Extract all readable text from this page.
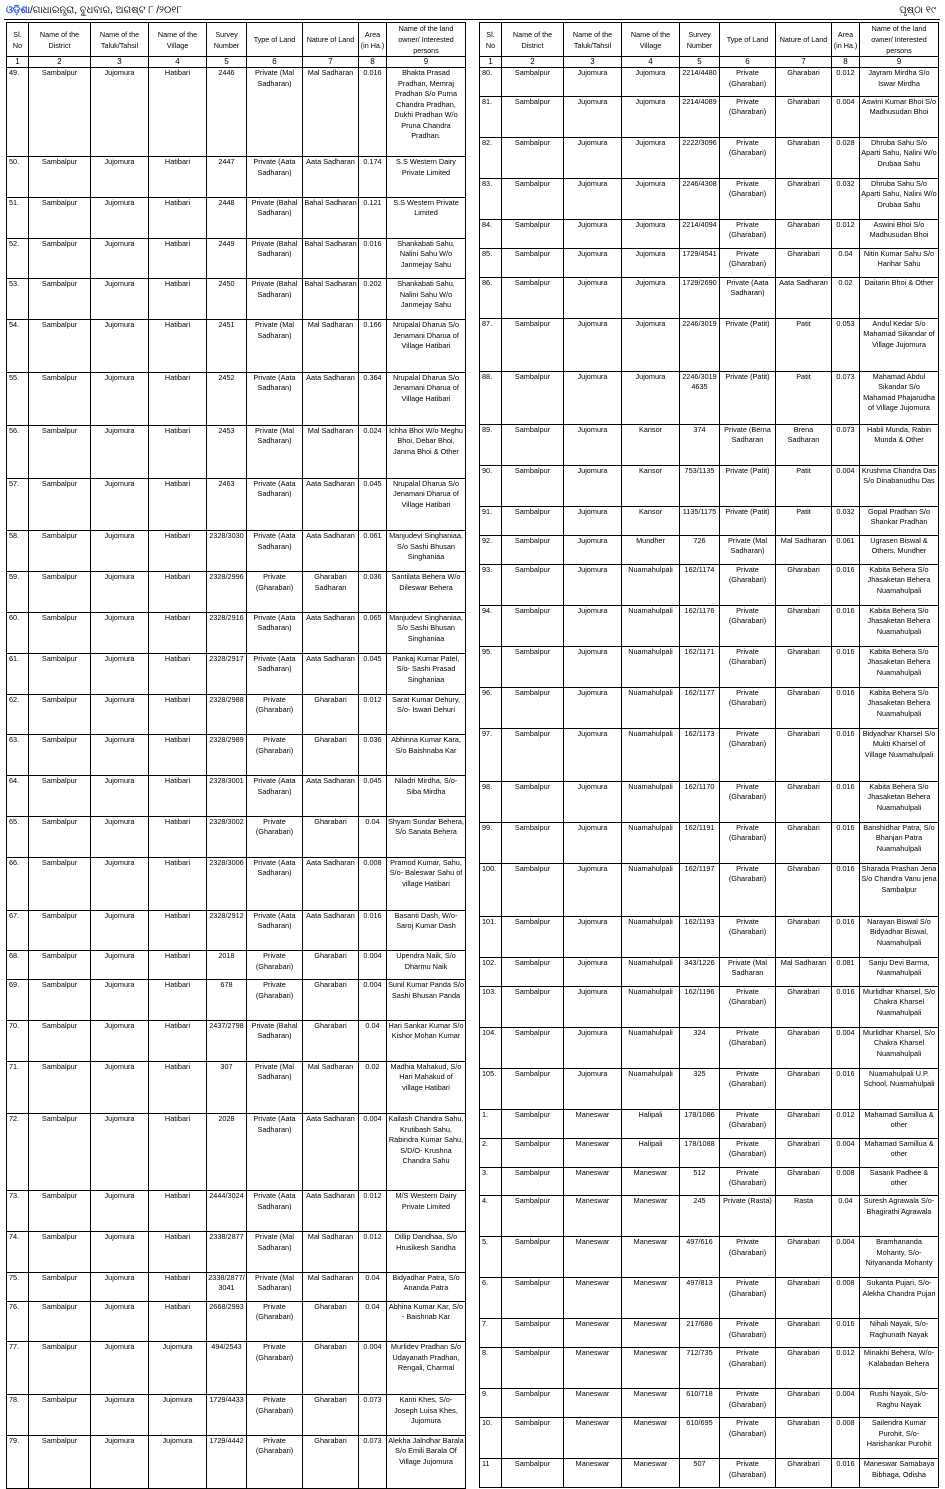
ଓଡ଼ିଶା/ଗାଧାରନ୍ତ୍ରା, ବୁଧବାର, ଅଗଷ୍ଟ ୮ /୨୦୧୮	ପୃଷ୍ଠା ୧୯
Sl. No	Name of the District	Name of the Taluk/Tahsil	Name of the Village	Survey Number	Type of Land	Nature of Land	Area (in Ha.)	Name of the land owner/ Interested persons
1	2	3	4	5	6	7	8	9
49.	Sambalpur	Jujomura	Hatibari	2446	Private (Mal Sadharan)	Mal Sadharan	0.016	Bhakta Prasad Pradhan, Memraj Pradhan S/o Purna Chandra Pradhan, Dukhi Pradhan W/o Pruna Chandra Pradhan.
50.	Sambalpur	Jujomura	Hatibari	2447	Private (Aata Sadharan)	Aata Sadharan	0.174	S.S Western Dairy Private Limited
51.	Sambalpur	Jujomura	Hatibari	2448	Private (Bahal Sadharan)	Bahal Sadharan	0.121	S.S Western Private Limited
52.	Sambalpur	Jujomura	Hatibari	2449	Private (Bahal Sadharan)	Bahal Sadharan	0.016	Shankabati Sahu, Nalini Sahu W/o Janmejay Sahu
53.	Sambalpur	Jujomura	Hatibari	2450	Private (Bahal Sadharan)	Bahal Sadharan	0.202	Shankabati Sahu, Nalini Sahu W/o Janmejay Sahu
54.	Sambalpur	Jujomura	Hatibari	2451	Private (Mal Sadharan)	Mal Sadharan	0.166	Nrupalal Dharua S/o Jenamani Dharua of Village Hatibari
55.	Sambalpur	Jujomura	Hatibari	2452	Private (Aata Sadharan)	Aata Sadharan	0.364	Nrupalal Dharua S/o Jenamani Dharua of Village Hatibari
56.	Sambalpur	Jujomura	Hatibari	2453	Private (Mal Sadharan)	Mal Sadharan	0.024	Ichha Bhoi W/o Meghu Bhoi, Debar Bhoi, Janma Bhoi & Other
57.	Sambalpur	Jujomura	Hatibari	2463	Private (Aata Sadharan)	Aata Sadharan	0.045	Nrupalal Dharua S/o Jenamani Dharua of Village Hatibari
58.	Sambalpur	Jujomura	Hatibari	2328/3030	Private (Aata Sadharan)	Aata Sadharan	0.061	Manjudevi Singhaniaa, S/o Sashi Bhusan Singhaniaa
59.	Sambalpur	Jujomura	Hatibari	2328/2996	Private (Gharabari)	Gharabari Sadharan	0.036	Santilata Behera W/o Dileswar Behera
60.	Sambalpur	Jujomura	Hatibari	2328/2916	Private (Aata Sadharan)	Aata Sadharan	0.065	Manjudevi Singhaniaa, S/o Sashi Bhusan Singhaniaa
61.	Sambalpur	Jujomura	Hatibari	2328/2917	Private (Aata Sadharan)	Aata Sadharan	0.045	Pankaj Kumar Patel, S/o- Sashi Prasad Singhaniaa
62.	Sambalpur	Jujomura	Hatibari	2328/2988	Private (Gharabari)	Gharabari	0.012	Sarat Kumar Dehury, S/o- Iswari Dehuri
63.	Sambalpur	Jujomura	Hatibari	2328/2989	Private (Gharabari)	Gharabari	0.036	Abhinna Kumar Kara, S/o Baishnaba Kar
64.	Sambalpur	Jujomura	Hatibari	2328/3001	Private (Aata Sadharan)	Aata Sadharan	0.045	Niladri Mirdha, S/o- Siba Mirdha
65.	Sambalpur	Jujomura	Hatibari	2328/3002	Private (Gharabari)	Gharabari	0.04	Shyam Sundar Behera, S/o Sanata Behera
66.	Sambalpur	Jujomura	Hatibari	2328/3006	Private (Aata Sadharan)	Aata Sadharan	0.008	Pramod Kumar, Sahu, S/o- Baleswar Sahu of village Hatibari
67.	Sambalpur	Jujomura	Hatibari	2328/2912	Private (Aata Sadharan)	Aata Sadharan	0.016	Basanti Dash, W/o- Saroj Kumar Dash
68.	Sambalpur	Jujomura	Hatibari	2018	Private (Gharabari)	Gharabari	0.004	Upendra Naik, S/o Dharmu Naik
69.	Sambalpur	Jujomura	Hatibari	678	Private (Gharabari)	Gharabari	0.004	Sunil Kumar Panda S/o Sashi Bhusan Panda
70.	Sambalpur	Jujomura	Hatibari	2437/2798	Private (Bahal Sadharan)	Gharabari	0.04	Hari Sankar Kumar S/o Kishor Mohan Kumar
71.	Sambalpur	Jujomura	Hatibari	307	Private (Mal Sadharan)	Mal Sadharan	0.02	Madhia Mahakud, S/o Hari Mahakud of village Hatibari
72.	Sambalpur	Jujomura	Hatibari	2028	Private (Aata Sadharan)	Aata Sadharan	0.004	Kailash Chandra Sahu, Krutibash Sahu, Rabindra Kumar Sahu, S/D/O- Krushna Chandra Sahu
73.	Sambalpur	Jujomura	Hatibari	2444/3024	Private (Aata Sadharan)	Aata Sadharan	0.012	M/S Western Dairy Private Limited
74.	Sambalpur	Jujomura	Hatibari	2338/2877	Private (Mal Sadharan)	Mal Sadharan	0.012	Dillip Dandhaa, S/o Hrusikesh Sandha
75.	Sambalpur	Jujomura	Hatibari	2338/2877/ 3041	Private (Mal Sadharan)	Mal Sadharan	0.04	Bidyadhar Patra, S/o Ananda Patra
76.	Sambalpur	Jujomura	Hatibari	2668/2993	Private (Gharabari)	Gharabari	0.04	Abhina Kumar Kar, S/o - Baishnab Kar
77.	Sambalpur	Jujomura	Jujomura	494/2543	Private (Gharabari)	Gharabari	0.004	Murlidev Pradhan S/o Udayanath Pradhan, Rengali, Charmal
78.	Sambalpur	Jujomura	Jujomura	1729/4433	Private (Gharabari)	Gharabari	0.073	Kanti Khes, S/o- Joseph Luisa Khes, Jujomura
79.	Sambalpur	Jujomura	Jujomura	1729/4442	Private (Gharabari)	Gharabari	0.073	Alekha Jalndhar Barala S/o Emili Barala Of Village Jujomura
Sl. No	Name of the District	Name of the Taluk/Tahsil	Name of the Village	Survey Number	Type of Land	Nature of Land	Area (in Ha.)	Name of the land owner/ Interested persons
1	2	3	4	5	6	7	8	9
80.	Sambalpur	Jujomura	Jujomura	2214/4480	Private (Gharabari)	Gharabari	0.012	Jayram Mirdha S/o Iswar Mirdha
81.	Sambalpur	Jujomura	Jujomura	2214/4089	Private (Gharabari)	Gharabari	0.004	Aswini Kumar Bhoi S/o Madhusudan Bhoi
82.	Sambalpur	Jujomura	Jujomura	2222/3096	Private (Gharabari)	Gharabari	0.028	Dhruba Sahu S/o Aparti Sahu, Nalini W/o Drubaa Sahu
83.	Sambalpur	Jujomura	Jujomura	2246/4308	Private (Gharabari)	Gharabari	0.032	Dhruba Sahu S/o Aparti Sahu, Nalini W/o Drubaa Sahu
84.	Sambalpur	Jujomura	Jujomura	2214/4094	Private (Gharabari)	Gharabari	0.012	Aswini Bhoi S/o Madhusudan Bhoi
85.	Sambalpur	Jujomura	Jujomura	1729/4541	Private (Gharabari)	Gharabari	0.04	Nitin Kumar Sahu S/o Harihar Sahu
86.	Sambalpur	Jujomura	Jujomura	1729/2690	Private (Aata Sadharan)	Aata Sadharan	0.02	Daitarin Bhoi & Other
87.	Sambalpur	Jujomura	Jujomura	2246/3019	Private (Patit)	Patit	0.053	Andul Kedar S/o Mahamad Sikandar of Village Jujomura
88.	Sambalpur	Jujomura	Jujomura	2246/3019 4635	Private (Patit)	Patit	0.073	Mahamad Abdul Sikandar S/o Mahamad Phajarudha of Village Jujomura
89.	Sambalpur	Jujomura	Kansor	374	Private (Berna Sadharan	Brena Sadharan	0.073	Habil Munda, Rabin Munda & Other
90.	Sambalpur	Jujomura	Kansor	753/1135	Private (Patit)	Patit	0.004	Krushma Chandra Das S/o Dinabanudhu Das
91.	Sambalpur	Jujomura	Kansor	1135/1175	Private (Patit)	Patit	0.032	Gopal Pradhan S/o Shankar Pradhan
92.	Sambalpur	Jujomura	Mundher	726	Private (Mal Sadharan)	Mal Sadharan	0.061	Ugrasen Biswal & Others, Mundher
93.	Sambalpur	Jujomura	Nuamahulpali	162/1174	Private (Gharabari)	Gharabari	0.016	Kabita Behera S/o Jhasaketan Behera Nuamahulpali
94.	Sambalpur	Jujomura	Nuamahulpali	162/1176	Private (Gharabari)	Gharabari	0.016	Kabita Behera S/o Jhasaketan Behera Nuamahulpali
95.	Sambalpur	Jujomura	Nuamahulpali	162/1171	Private (Gharabari)	Gharabari	0.016	Kabita Behera S/o Jhasaketan Behera Nuamahulpali
96.	Sambalpur	Jujomura	Nuamahulpali	162/1177	Private (Gharabari)	Gharabari	0.016	Kabita Behera S/o Jhasaketan Behera Nuamahulpali
97.	Sambalpur	Jujomura	Nuamahulpali	162/1173	Private (Gharabari)	Gharabari	0.016	Bidyadhar Kharsel S/o Mukti Kharsel of Village Nuamahulpali
98.	Sambalpur	Jujomura	Nuamahulpali	162/1170	Private (Gharabari)	Gharabari	0.016	Kabita Behera S/o Jhasaketan Behera Nuamahulpali
99.	Sambalpur	Jujomura	Nuamahulpali	162/1191	Private (Gharabari)	Gharabari	0.016	Banshidhar Patra, S/o Bhanjan Patra Nuamahulpali
100.	Sambalpur	Jujomura	Nuamahulpali	162/1197	Private (Gharabari)	Gharabari	0.016	Sharada Prashan Jena S/o Chandra Vanu jena Sambalpur
101.	Sambalpur	Jujomura	Nuamahulpali	162/1193	Private (Gharabari)	Gharabari	0.016	Narayan Biswal S/o Bidyadhar Biswal, Nuamahulpali
102.	Sambalpur	Jujomura	Nuamahulpali	343/1226	Private (Mal Sadharan	Mal Sadharan	0.081	Sanju Devi Barma, Nuamahulpali
103.	Sambalpur	Jujomura	Nuamahulpali	162/1196	Private (Gharabari)	Gharabari	0.016	Murlidhar Kharsel, S/o Chakra Kharsel Nuamahulpali
104.	Sambalpur	Jujomura	Nuamahulpali	324	Private (Gharabari)	Gharabari	0.004	Murlidhar Kharsel, S/o Chakra Kharsel Nuamahulpali
105.	Sambalpur	Jujomura	Nuamahulpali	325	Private (Gharabari)	Gharabari	0.016	Nuamahulpali U.P. School, Nuamahulpali
1.	Sambalpur	Maneswar	Halipali	178/1086	Private (Gharabari)	Gharabari	0.012	Mahamad Samillua & other
2.	Sambalpur	Maneswar	Halipali	178/1088	Private (Gharabari)	Gharabari	0.004	Mahamad Samillua & other
3.	Sambalpur	Maneswar	Maneswar	512	Private (Gharabari)	Gharabari	0.008	Sasank Padhee & other
4.	Sambalpur	Maneswar	Maneswar	245	Private (Rasta)	Rasta	0.04	Suresh Agrawala S/o- Bhagirathi Agrawala
5.	Sambalpur	Maneswar	Maneswar	497/616	Private (Gharabari)	Gharabari	0.004	Bramhananda Mohanty, S/o- Nityananda Mohanty
6.	Sambalpur	Maneswar	Maneswar	497/813	Private (Gharabari)	Gharabari	0.008	Sukanta Pujari, S/o- Alekha Chandra Pujari
7.	Sambalpur	Maneswar	Maneswar	217/686	Private (Gharabari)	Gharabari	0.016	Nihali Nayak, S/o- Raghunath Nayak
8.	Sambalpur	Maneswar	Maneswar	712/735	Private (Gharabari)	Gharabari	0.012	Minakhi Behera, W/o- Kalabadan Behera
9.	Sambalpur	Maneswar	Maneswar	610/718	Private (Gharabari)	Gharabari	0.004	Rushi Nayak, S/o- Raghu Nayak
10.	Sambalpur	Maneswar	Maneswar	610/695	Private (Gharabari)	Gharabari	0.008	Sailendra Kumar Purohit, S/o- Harishankar Purohit
11	Sambalpur	Maneswar	Maneswar	507	Private (Gharabari)	Gharabari	0.016	Maneswar Samabaya Bibhaga, Odisha
